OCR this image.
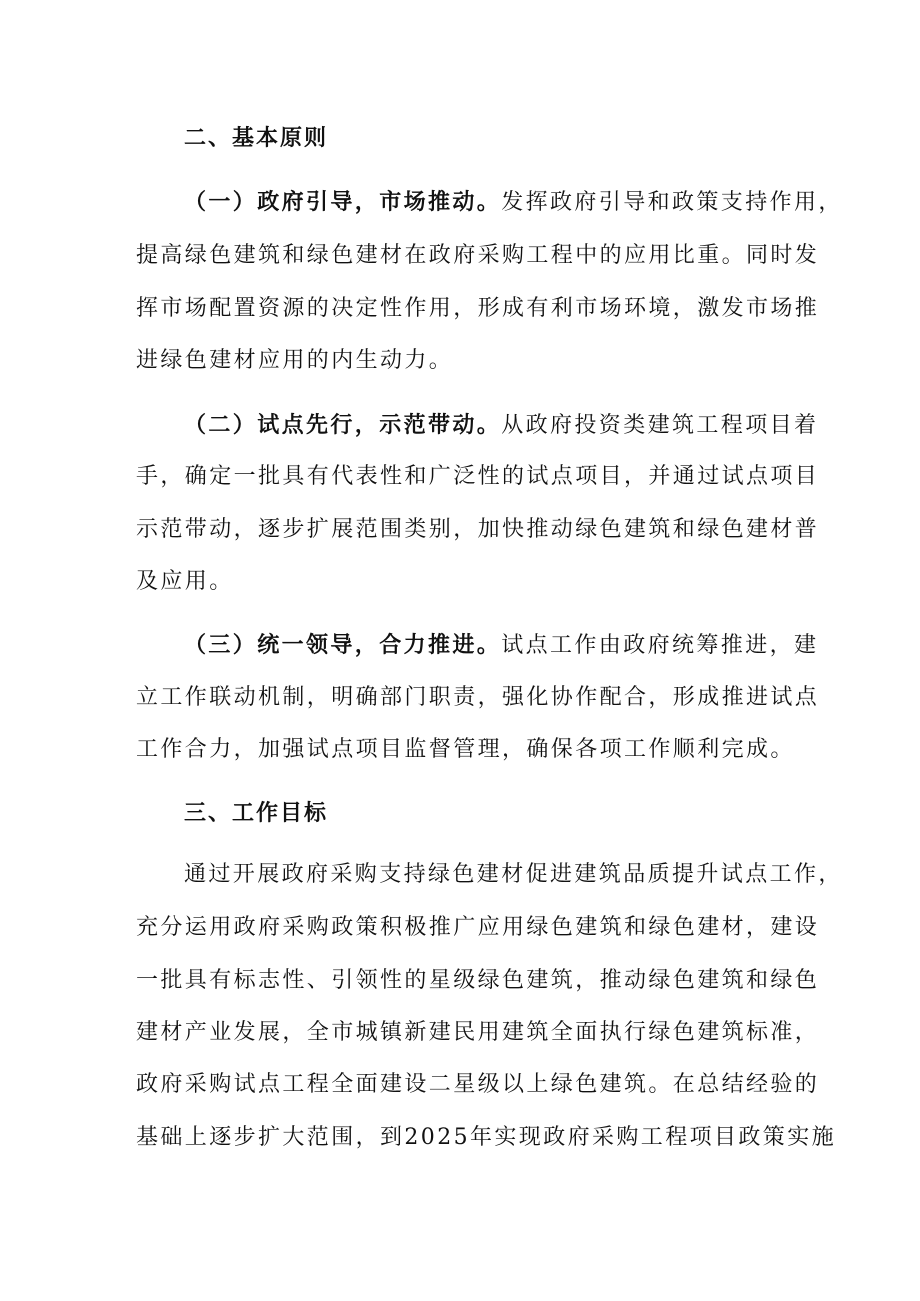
二、基本原则
（一）政府引导，市场推动。发挥政府引导和政策支持作用，
提高绿色建筑和绿色建材在政府采购工程中的应用比重。同时发
挥市场配置资源的决定性作用，形成有利市场环境，激发市场推
进绿色建材应用的内生动力。
（二）试点先行，示范带动。从政府投资类建筑工程项目着
手，确定一批具有代表性和广泛性的试点项目，并通过试点项目
示范带动，逐步扩展范围类别，加快推动绿色建筑和绿色建材普
及应用。
（三）统一领导，合力推进。试点工作由政府统筹推进，建
立工作联动机制，明确部门职责，强化协作配合，形成推进试点
工作合力，加强试点项目监督管理，确保各项工作顺利完成。
三、工作目标
通过开展政府采购支持绿色建材促进建筑品质提升试点工作，
充分运用政府采购政策积极推广应用绿色建筑和绿色建材，建设
一批具有标志性、引领性的星级绿色建筑，推动绿色建筑和绿色
建材产业发展，全市城镇新建民用建筑全面执行绿色建筑标准，
政府采购试点工程全面建设二星级以上绿色建筑。在总结经验的
基础上逐步扩大范围，到2025年实现政府采购工程项目政策实施
